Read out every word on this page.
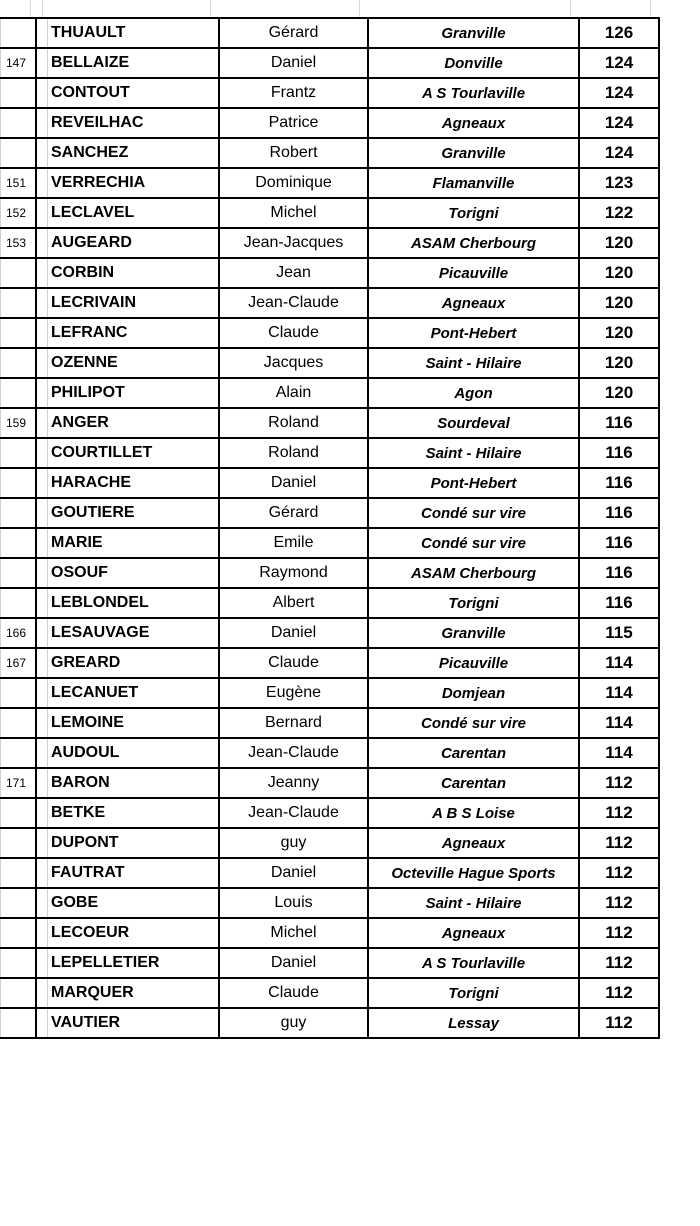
	THUAULT	Gérard	Granville	126
147	BELLAIZE	Daniel	Donville	124
	CONTOUT	Frantz	A S Tourlaville	124
	REVEILHAC	Patrice	Agneaux	124
	SANCHEZ	Robert	Granville	124
151	VERRECHIA	Dominique	Flamanville	123
152	LECLAVEL	Michel	Torigni	122
153	AUGEARD	Jean-Jacques	ASAM Cherbourg	120
	CORBIN	Jean	Picauville	120
	LECRIVAIN	Jean-Claude	Agneaux	120
	LEFRANC	Claude	Pont-Hebert	120
	OZENNE	Jacques	Saint - Hilaire	120
	PHILIPOT	Alain	Agon	120
159	ANGER	Roland	Sourdeval	116
	COURTILLET	Roland	Saint - Hilaire	116
	HARACHE	Daniel	Pont-Hebert	116
	GOUTIERE	Gérard	Condé sur vire	116
	MARIE	Emile	Condé sur vire	116
	OSOUF	Raymond	ASAM Cherbourg	116
	LEBLONDEL	Albert	Torigni	116
166	LESAUVAGE	Daniel	Granville	115
167	GREARD	Claude	Picauville	114
	LECANUET	Eugène	Domjean	114
	LEMOINE	Bernard	Condé sur vire	114
	AUDOUL	Jean-Claude	Carentan	114
171	BARON	Jeanny	Carentan	112
	BETKE	Jean-Claude	A B S Loise	112
	DUPONT	guy	Agneaux	112
	FAUTRAT	Daniel	Octeville Hague Sports	112
	GOBE	Louis	Saint - Hilaire	112
	LECOEUR	Michel	Agneaux	112
	LEPELLETIER	Daniel	A S Tourlaville	112
	MARQUER	Claude	Torigni	112
	VAUTIER	guy	Lessay	112
